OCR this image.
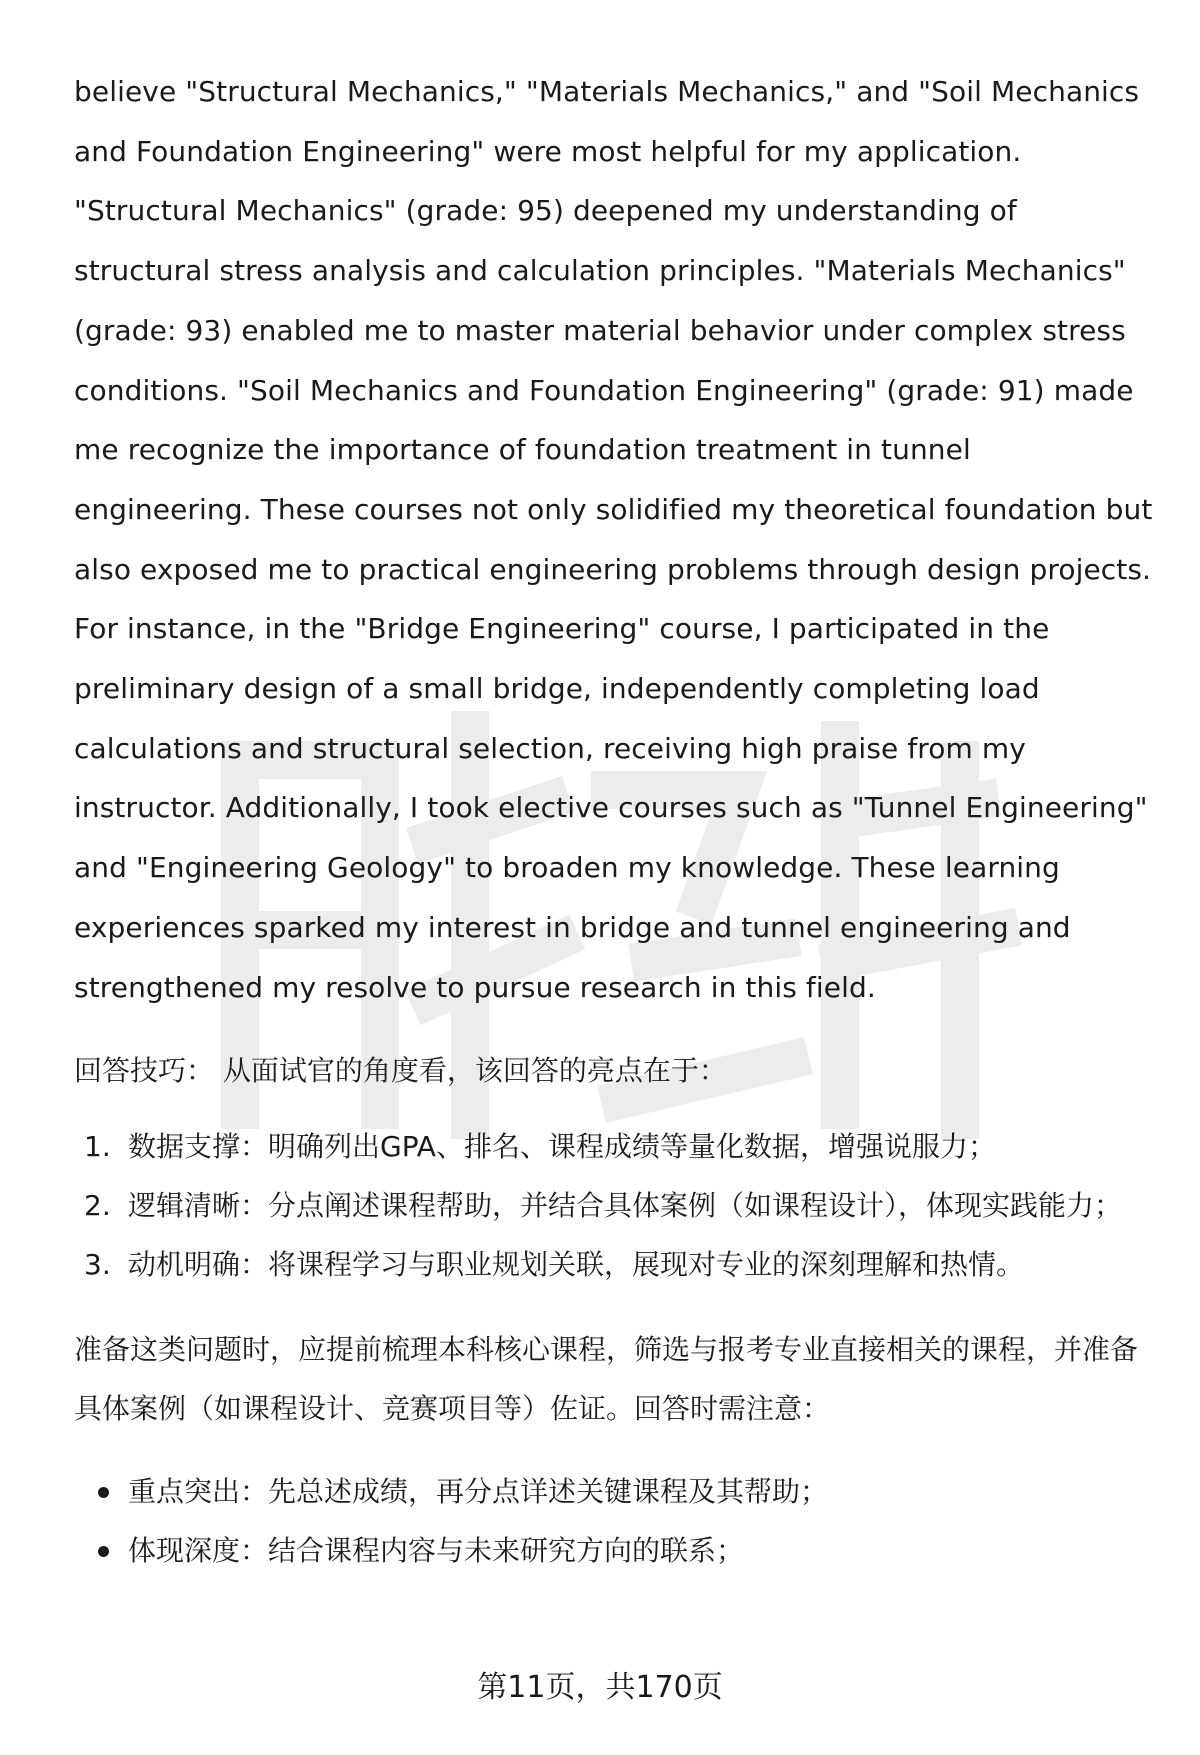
believe "Structural Mechanics," "Materials Mechanics," and "Soil Mechanics and Foundation Engineering" were most helpful for my application. "Structural Mechanics" (grade: 95) deepened my understanding of structural stress analysis and calculation principles. "Materials Mechanics" (grade: 93) enabled me to master material behavior under complex stress conditions. "Soil Mechanics and Foundation Engineering" (grade: 91) made me recognize the importance of foundation treatment in tunnel engineering. These courses not only solidified my theoretical foundation but also exposed me to practical engineering problems through design projects. For instance, in the "Bridge Engineering" course, I participated in the preliminary design of a small bridge, independently completing load calculations and structural selection, receiving high praise from my instructor. Additionally, I took elective courses such as "Tunnel Engineering" and "Engineering Geology" to broaden my knowledge. These learning experiences sparked my interest in bridge and tunnel engineering and strengthened my resolve to pursue research in this field.

回答技巧： 从面试官的角度看，该回答的亮点在于：

1. 数据支撑：明确列出GPA、排名、课程成绩等量化数据，增强说服力；
2. 逻辑清晰：分点阐述课程帮助，并结合具体案例（如课程设计），体现实践能力；
3. 动机明确：将课程学习与职业规划关联，展现对专业的深刻理解和热情。

准备这类问题时，应提前梳理本科核心课程，筛选与报考专业直接相关的课程，并准备具体案例（如课程设计、竞赛项目等）佐证。回答时需注意：

重点突出：先总述成绩，再分点详述关键课程及其帮助；
体现深度：结合课程内容与未来研究方向的联系；
第11页，共170页
